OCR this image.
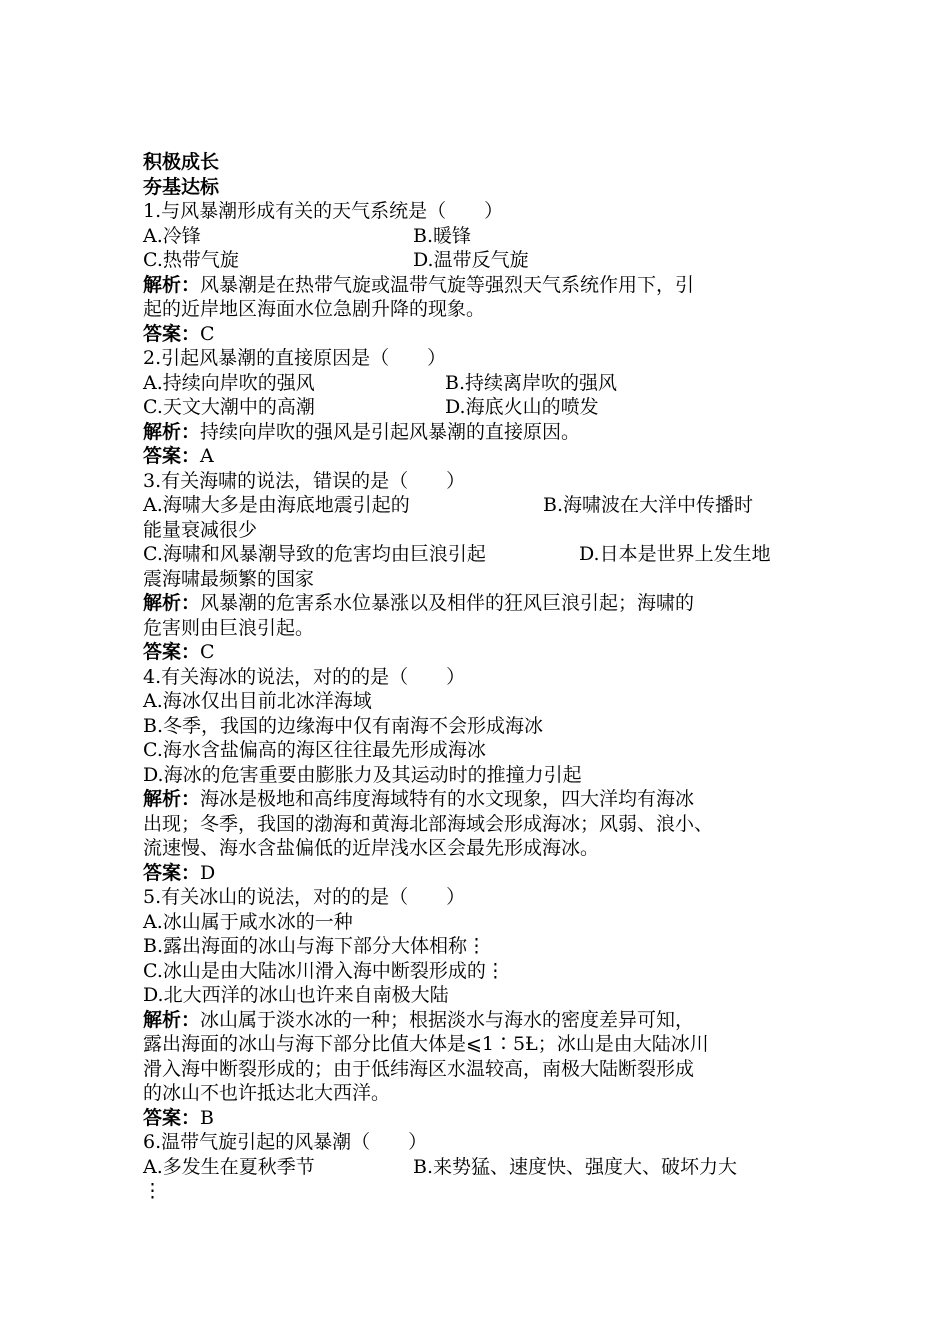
积极成长
夯基达标
1.与风暴潮形成有关的天气系统是（　　）
A.冷锋	B.暖锋
C.热带气旋	D.温带反气旋
解析：风暴潮是在热带气旋或温带气旋等强烈天气系统作用下，引
起的近岸地区海面水位急剧升降的现象。
答案：C
2.引起风暴潮的直接原因是（　　）
A.持续向岸吹的强风	B.持续离岸吹的强风
C.天文大潮中的高潮	D.海底火山的喷发
解析：持续向岸吹的强风是引起风暴潮的直接原因。
答案：A
3.有关海啸的说法，错误的是（　　）
A.海啸大多是由海底地震引起的	B.海啸波在大洋中传播时
能量衰减很少
C.海啸和风暴潮导致的危害均由巨浪引起	D.日本是世界上发生地
震海啸最频繁的国家
解析：风暴潮的危害系水位暴涨以及相伴的狂风巨浪引起；海啸的
危害则由巨浪引起。
答案：C
4.有关海冰的说法，对的的是（　　）
A.海冰仅出目前北冰洋海域
B.冬季，我国的边缘海中仅有南海不会形成海冰
C.海水含盐偏高的海区往往最先形成海冰
D.海冰的危害重要由膨胀力及其运动时的推撞力引起
解析：海冰是极地和高纬度海域特有的水文现象，四大洋均有海冰
出现；冬季，我国的渤海和黄海北部海域会形成海冰；风弱、浪小、
流速慢、海水含盐偏低的近岸浅水区会最先形成海冰。
答案：D
5.有关冰山的说法，对的的是（　　）
A.冰山属于咸水冰的一种
B.露出海面的冰山与海下部分大体相称⋮
C.冰山是由大陆冰川滑入海中断裂形成的⋮
D.北大西洋的冰山也许来自南极大陆
解析：冰山属于淡水冰的一种；根据淡水与海水的密度差异可知，
露出海面的冰山与海下部分比值大体是⩽1∶5Ƚ；冰山是由大陆冰川
滑入海中断裂形成的；由于低纬海区水温较高，南极大陆断裂形成
的冰山不也许抵达北大西洋。
答案：B
6.温带气旋引起的风暴潮（　　）
A.多发生在夏秋季节	B.来势猛、速度快、强度大、破坏力大
⋮
